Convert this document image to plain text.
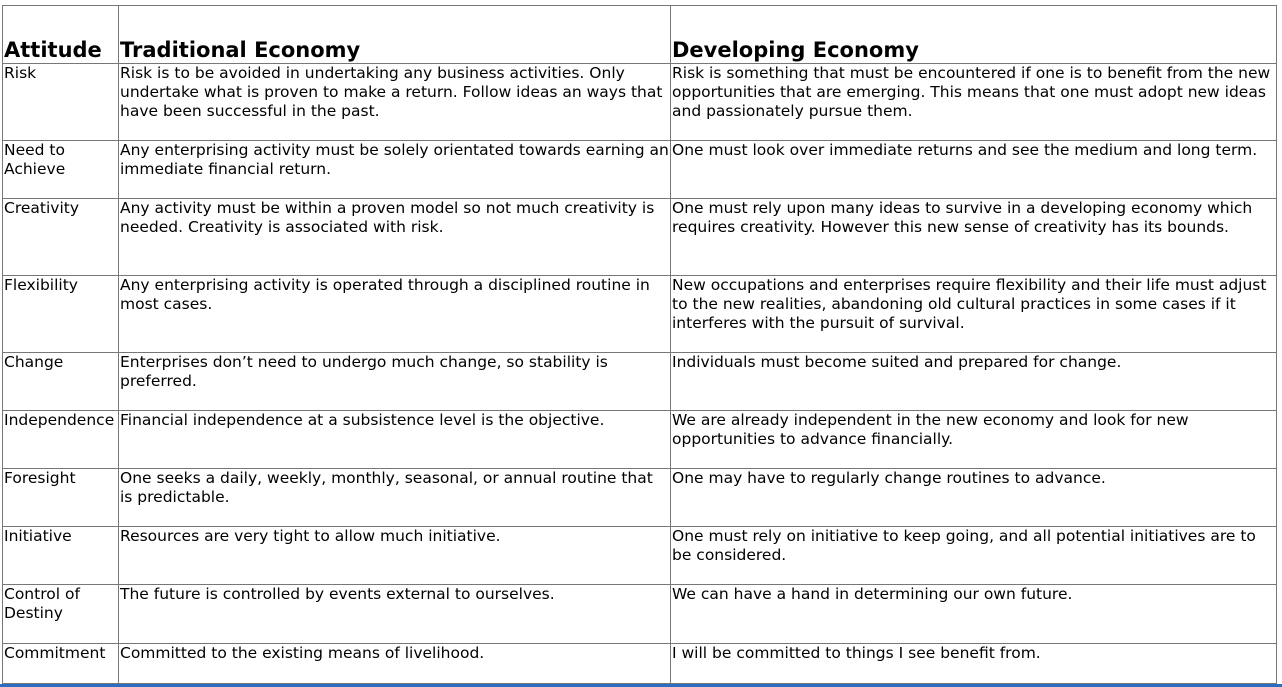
Attitude	Traditional Economy	Developing Economy
Risk	Risk is to be avoided in undertaking any business activities. Only undertake what is proven to make a return. Follow ideas an ways that have been successful in the past.	Risk is something that must be encountered if one is to benefit from the new opportunities that are emerging. This means that one must adopt new ideas and passionately pursue them.
Need to Achieve	Any enterprising activity must be solely orientated towards earning an immediate financial return.	One must look over immediate returns and see the medium and long term.
Creativity	Any activity must be within a proven model so not much creativity is needed. Creativity is associated with risk.	One must rely upon many ideas to survive in a developing economy which requires creativity. However this new sense of creativity has its bounds.
Flexibility	Any enterprising activity is operated through a disciplined routine in most cases.	New occupations and enterprises require flexibility and their life must adjust to the new realities, abandoning old cultural practices in some cases if it interferes with the pursuit of survival.
Change	Enterprises don’t need to undergo much change, so stability is preferred.	Individuals must become suited and prepared for change.
Independence	Financial independence at a subsistence level is the objective.	We are already independent in the new economy and look for new opportunities to advance financially.
Foresight	One seeks a daily, weekly, monthly, seasonal, or annual routine that is predictable.	One may have to regularly change routines to advance.
Initiative	Resources are very tight to allow much initiative.	One must rely on initiative to keep going, and all potential initiatives are to be considered.
Control of Destiny	The future is controlled by events external to ourselves.	We can have a hand in determining our own future.
Commitment	Committed to the existing means of livelihood.	I will be committed to things I see benefit from.
